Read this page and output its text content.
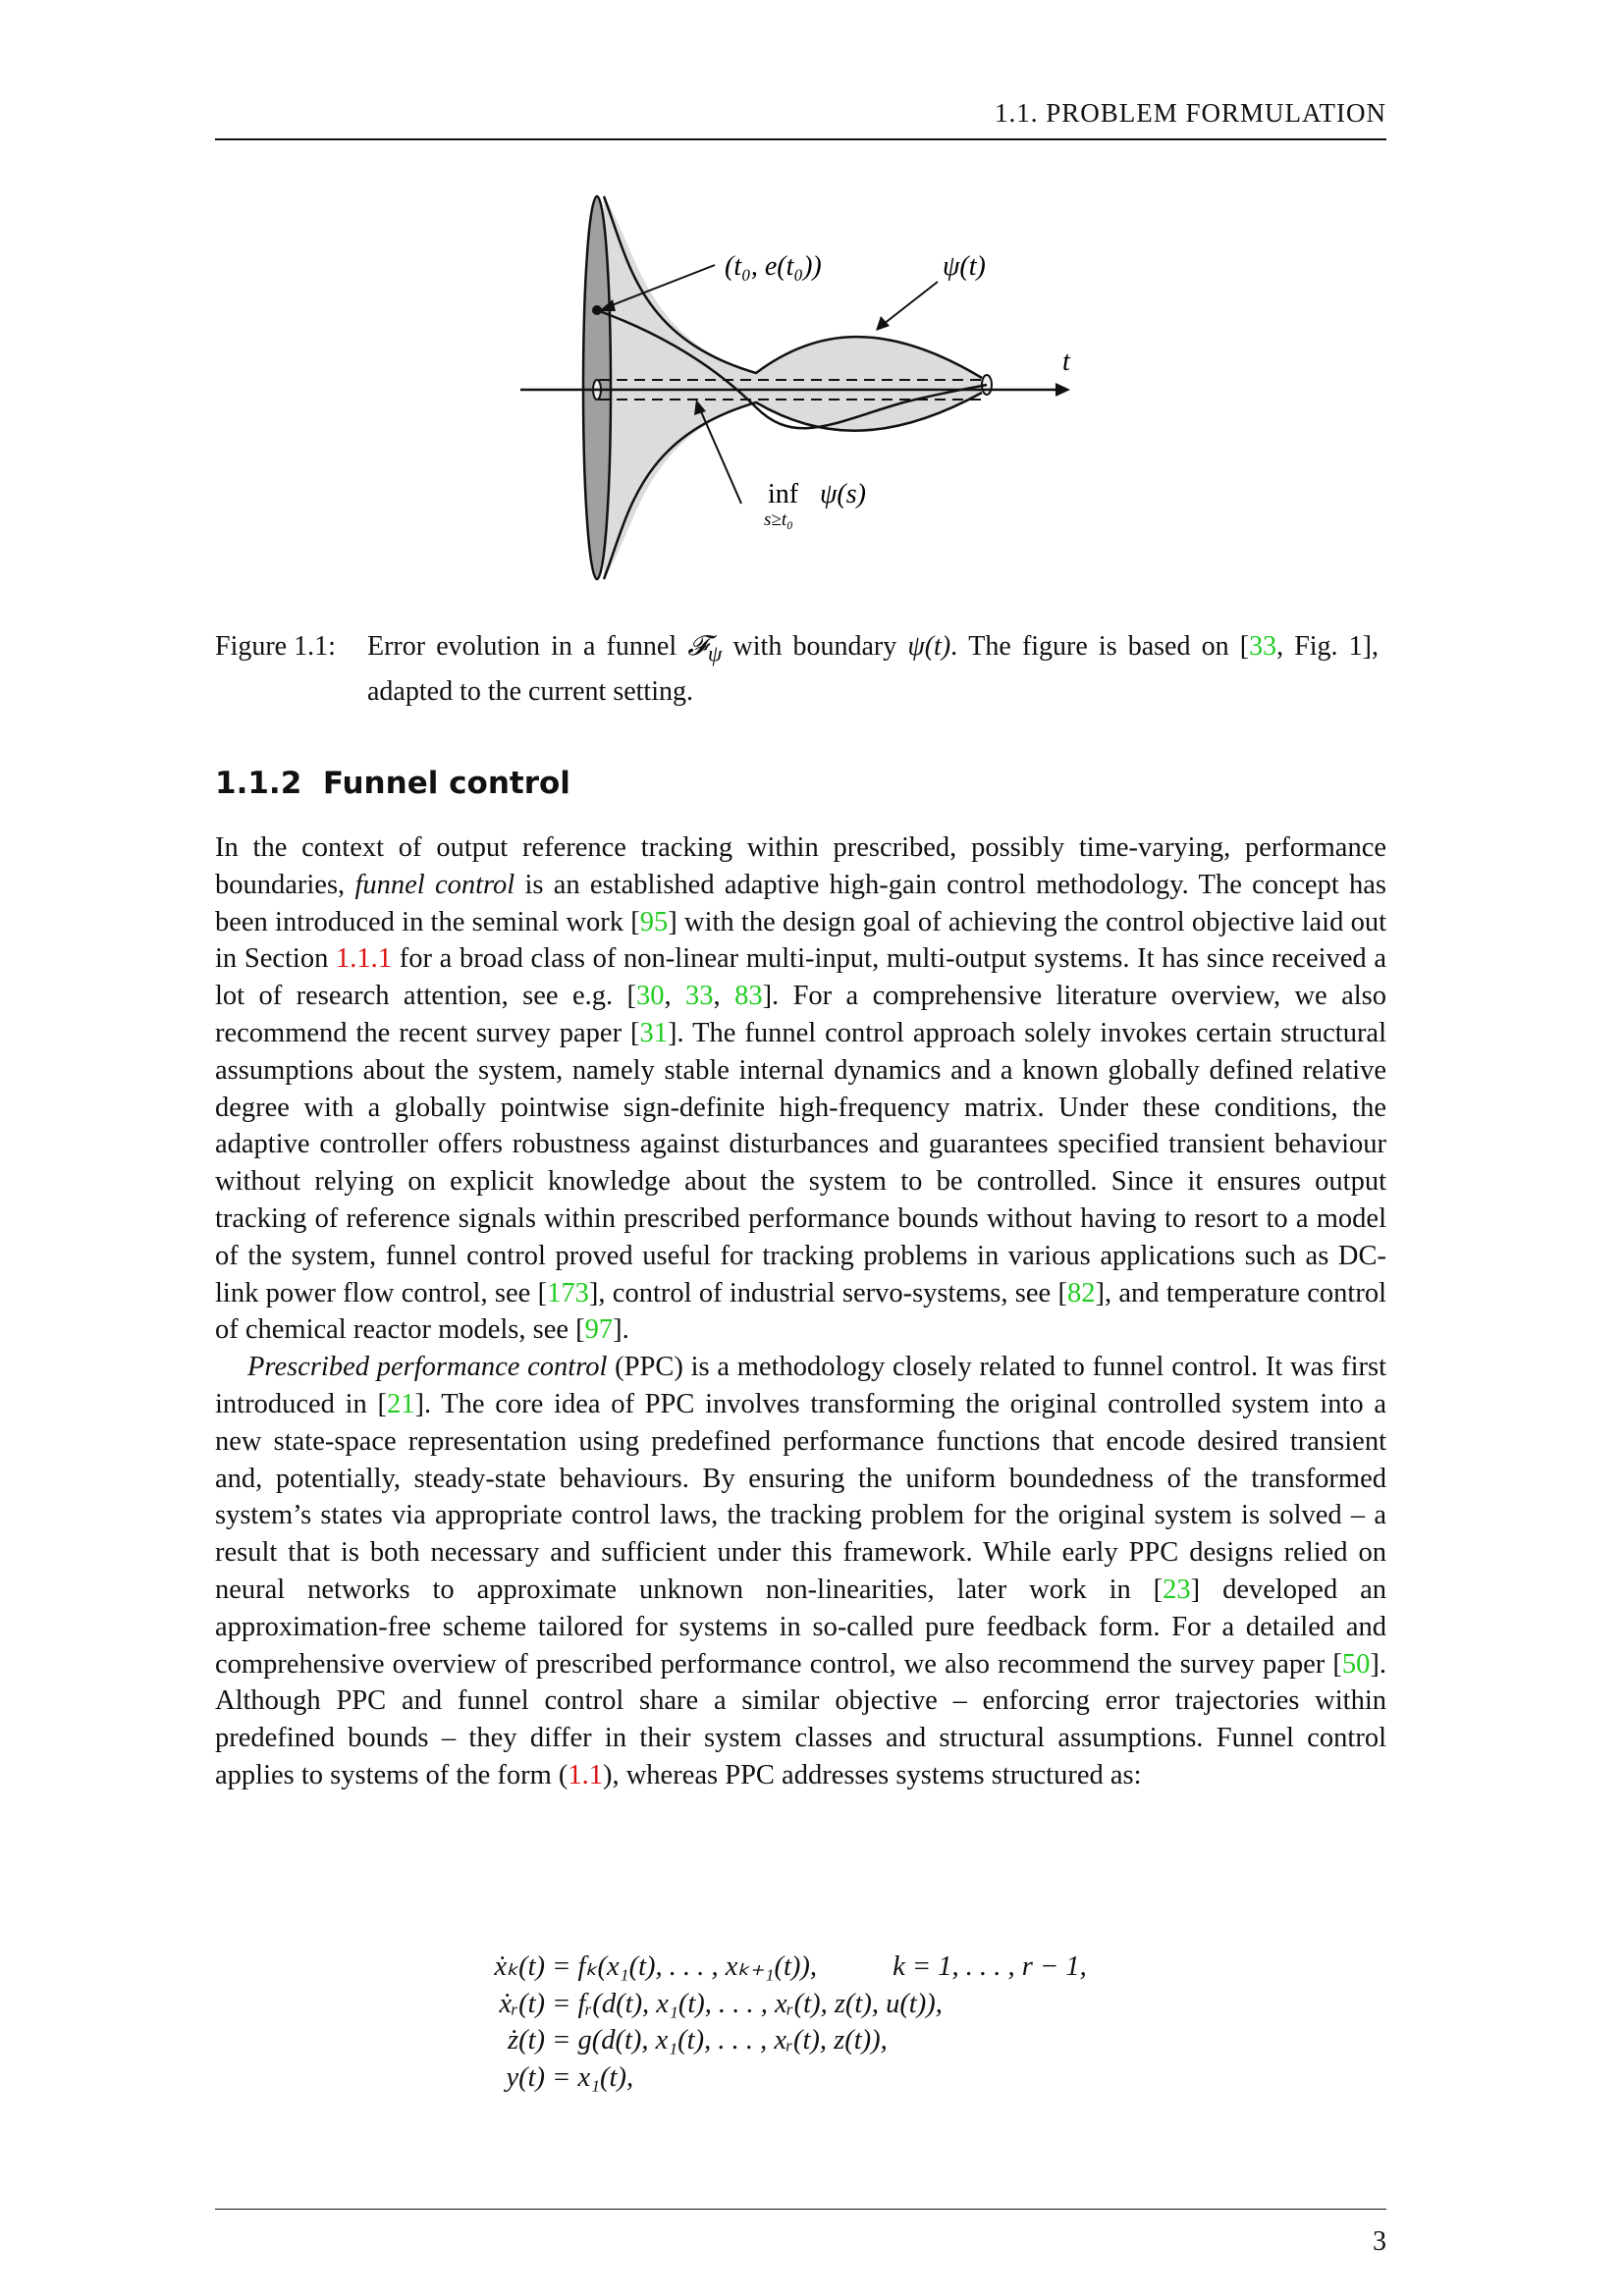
1.1. PROBLEM FORMULATION
(t₀, e(t₀))	ψ(t)
t
inf
s≥t₀
ψ(s)
Figure 1.1: Error evolution in a funnel 𝓕$_\psi$ with boundary ψ(t). The figure is based on [33, Fig. 1], adapted to the current setting.
1.1.2 Funnel control

In the context of output reference tracking within prescribed, possibly time-varying, performance boundaries, funnel control is an established adaptive high-gain control methodology. The concept has been introduced in the seminal work [95] with the design goal of achieving the control objective laid out in Section 1.1.1 for a broad class of non-linear multi-input, multi-output systems. It has since received a lot of research attention, see e.g. [30, 33, 83]. For a comprehensive literature overview, we also recommend the recent survey paper [31]. The funnel control approach solely invokes certain structural assumptions about the system, namely stable internal dynamics and a known globally defined relative degree with a globally pointwise sign-definite high-frequency matrix. Under these conditions, the adaptive controller offers robustness against disturbances and guarantees specified transient behaviour without relying on explicit knowledge about the system to be controlled. Since it ensures output tracking of reference signals within prescribed performance bounds without having to resort to a model of the system, funnel control proved useful for tracking problems in various applications such as DC-link power flow control, see [173], control of industrial servo-systems, see [82], and temperature control of chemical reactor models, see [97].

Prescribed performance control (PPC) is a methodology closely related to funnel control. It was first introduced in [21]. The core idea of PPC involves transforming the original controlled system into a new state-space representation using predefined performance functions that encode desired transient and, potentially, steady-state behaviours. By ensuring the uniform boundedness of the transformed system’s states via appropriate control laws, the tracking problem for the original system is solved – a result that is both necessary and sufficient under this framework. While early PPC designs relied on neural networks to approximate unknown non-linearities, later work in [23] developed an approximation-free scheme tailored for systems in so-called pure feedback form. For a detailed and comprehensive overview of prescribed performance control, we also recommend the survey paper [50]. Although PPC and funnel control share a similar objective – enforcing error trajectories within predefined bounds – they differ in their system classes and structural assumptions. Funnel control applies to systems of the form (1.1), whereas PPC addresses systems structured as:

ẋₖ(t) = fₖ(x₁(t), . . . , xₖ₊₁(t)),	k = 1, . . . , r − 1,
ẋᵣ(t) = fᵣ(d(t), x₁(t), . . . , xᵣ(t), z(t), u(t)),
ż(t) = g(d(t), x₁(t), . . . , xᵣ(t), z(t)),
y(t) = x₁(t),
3
